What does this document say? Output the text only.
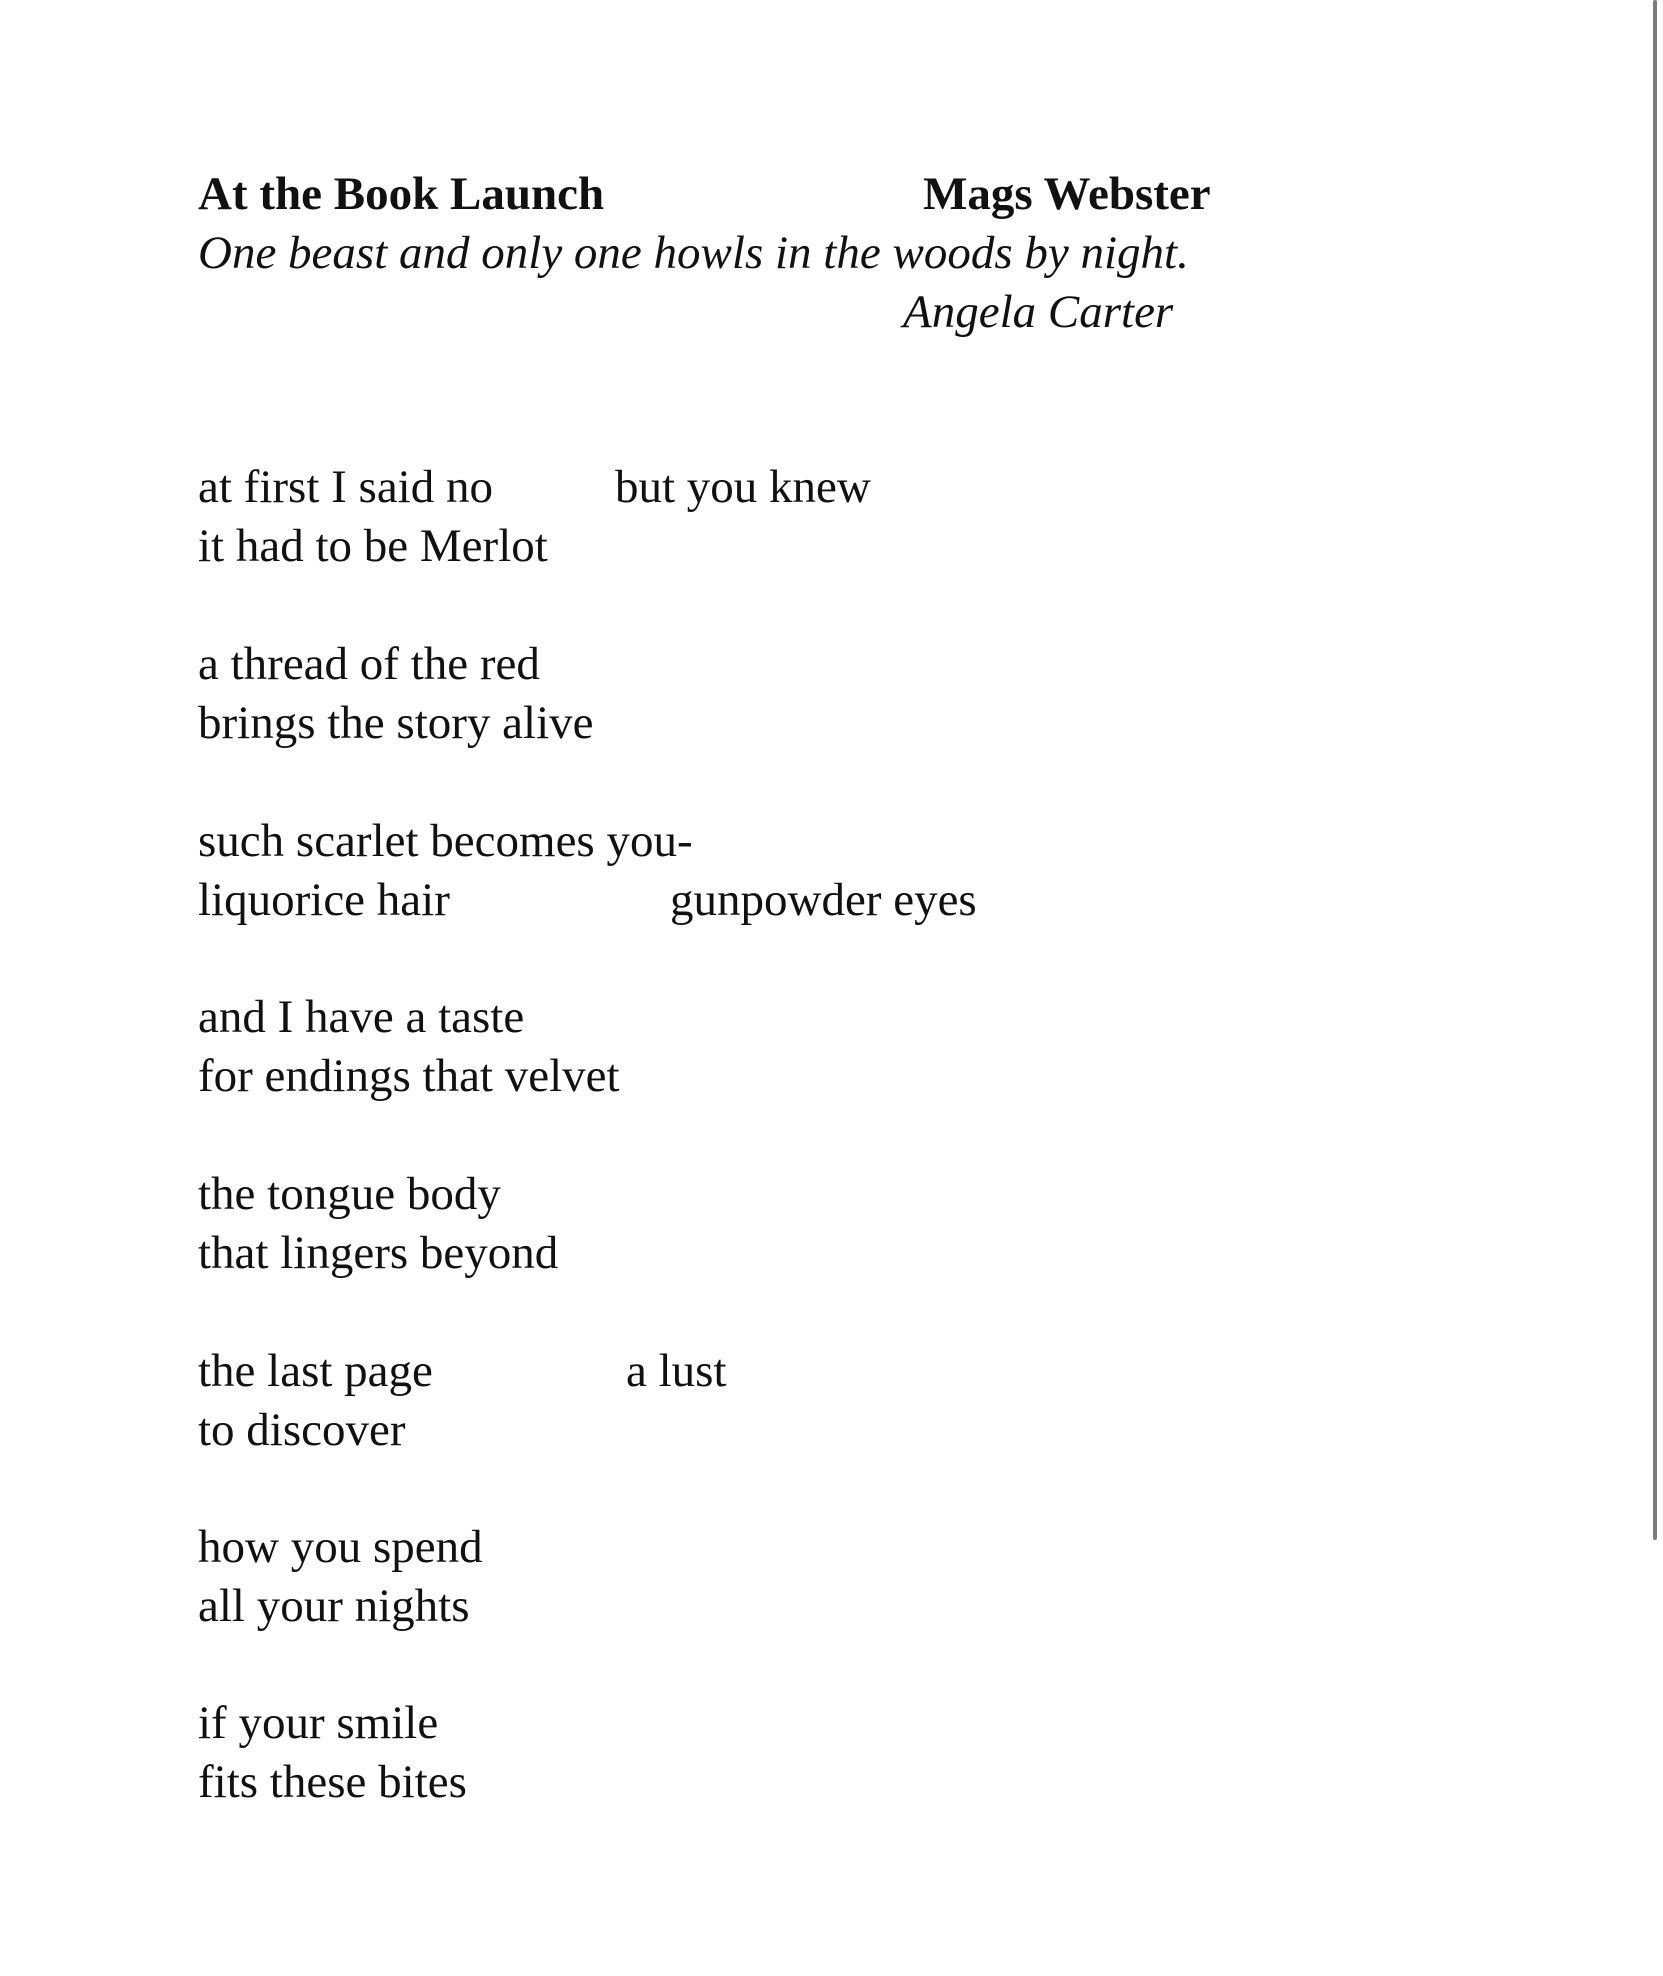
At the Book Launch	Mags Webster
One beast and only one howls in the woods by night.
Angela Carter
at first I said no	but you knew
it had to be Merlot
a thread of the red
brings the story alive
such scarlet becomes you-
liquorice hair	gunpowder eyes
and I have a taste
for endings that velvet
the tongue body
that lingers beyond
the last page	a lust
to discover
how you spend
all your nights
if your smile
fits these bites
